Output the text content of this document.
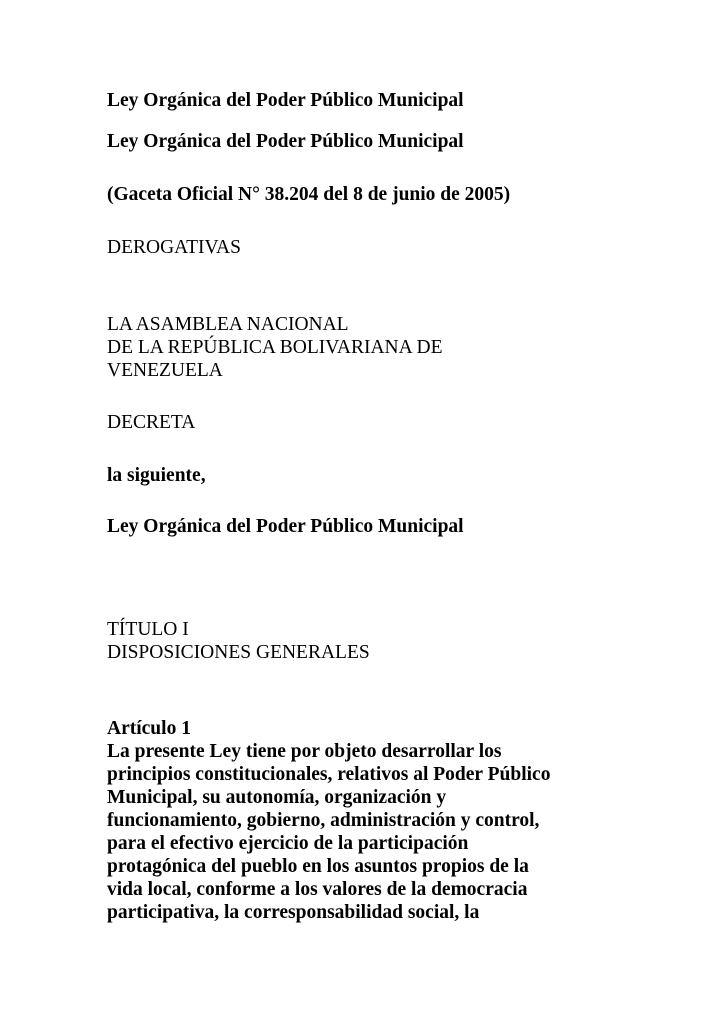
Ley Orgánica del Poder Público Municipal
Ley Orgánica del Poder Público Municipal
(Gaceta Oficial N° 38.204 del 8 de junio de 2005)
DEROGATIVAS
LA ASAMBLEA NACIONAL
DE LA REPÚBLICA BOLIVARIANA DE
VENEZUELA
DECRETA
la siguiente,
Ley Orgánica del Poder Público Municipal
TÍTULO I
DISPOSICIONES GENERALES
Artículo 1
La presente Ley tiene por objeto desarrollar los
principios constitucionales, relativos al Poder Público
Municipal, su autonomía, organización y
funcionamiento, gobierno, administración y control,
para el efectivo ejercicio de la participación
protagónica del pueblo en los asuntos propios de la
vida local, conforme a los valores de la democracia
participativa, la corresponsabilidad social, la
